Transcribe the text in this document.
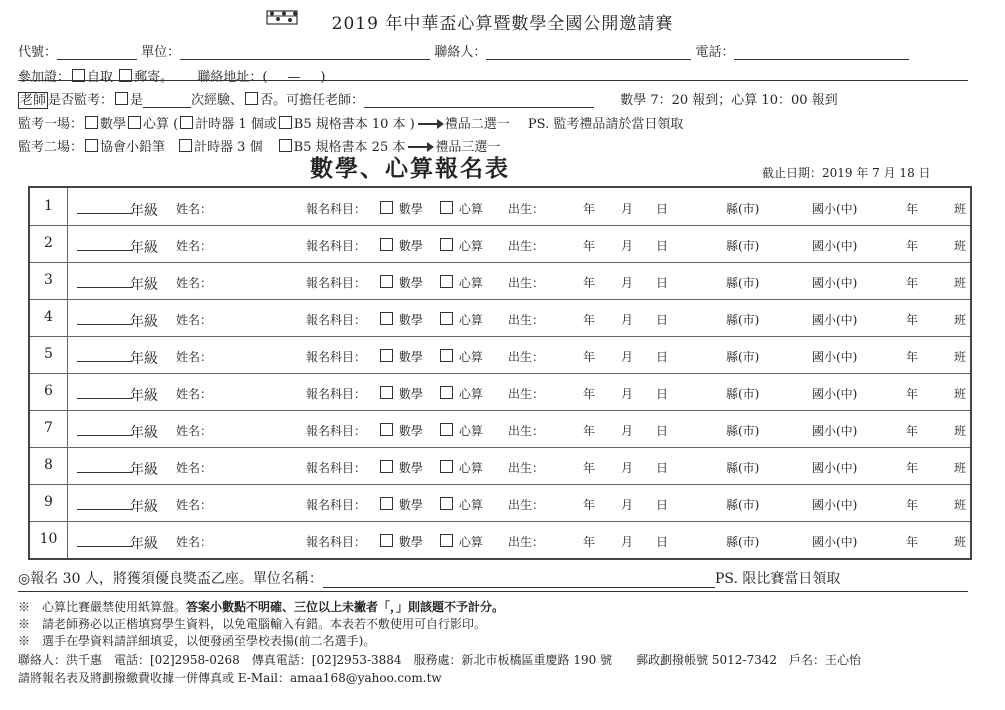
2019 年中華盃心算暨數學全國公開邀請賽
代號：	單位：	聯絡人：	電話：
參加證： 自取 郵寄。 聯絡地址：( — )
老師 是否監考： 是	次經驗、 否。可擔任老師：	數學 7：20 報到；心算 10：00 報到
監考一場： 數學 心算 ( 計時器 1 個或 B5 規格書本 10 本 ) 禮品二選一 PS. 監考禮品請於當日領取
監考二場： 協會小鉛筆 計時器 3 個 B5 規格書本 25 本 禮品三選一
數學、心算報名表	截止日期：2019 年 7 月 18 日
1	年級 姓名：	報名科目：	數學	心算 出生：	年 月 日	縣(市)	國小(中)	年	班
2	年級 姓名：	報名科目：	數學	心算 出生：	年 月 日	縣(市)	國小(中)	年	班
3	年級 姓名：	報名科目：	數學	心算 出生：	年 月 日	縣(市)	國小(中)	年	班
4	年級 姓名：	報名科目：	數學	心算 出生：	年 月 日	縣(市)	國小(中)	年	班
5	年級 姓名：	報名科目：	數學	心算 出生：	年 月 日	縣(市)	國小(中)	年	班
6	年級 姓名：	報名科目：	數學	心算 出生：	年 月 日	縣(市)	國小(中)	年	班
7	年級 姓名：	報名科目：	數學	心算 出生：	年 月 日	縣(市)	國小(中)	年	班
8	年級 姓名：	報名科目：	數學	心算 出生：	年 月 日	縣(市)	國小(中)	年	班
9	年級 姓名：	報名科目：	數學	心算 出生：	年 月 日	縣(市)	國小(中)	年	班
10	年級 姓名：	報名科目：	數學	心算 出生：	年 月 日	縣(市)	國小(中)	年	班
◎報名 30 人，將獲須優良獎盃乙座。單位名稱：	PS. 限比賽當日領取
※　心算比賽嚴禁使用紙算盤。答案小數點不明確、三位以上未撇者「，」則該題不予計分。
※　請老師務必以正楷填寫學生資料，以免電腦輸入有錯。本表若不敷使用可自行影印。
※　選手在學資料請詳細填妥，以便發函至學校表揚(前二名選手)。
聯絡人：洪千惠　電話：[02]2958-0268　傳真電話：[02]2953-3884　服務處：新北市板橋區重慶路 190 號　　郵政劃撥帳號 5012-7342　戶名：王心怡
請將報名表及將劃撥繳費收據一併傳真或 E-Mail：amaa168@yahoo.com.tw
